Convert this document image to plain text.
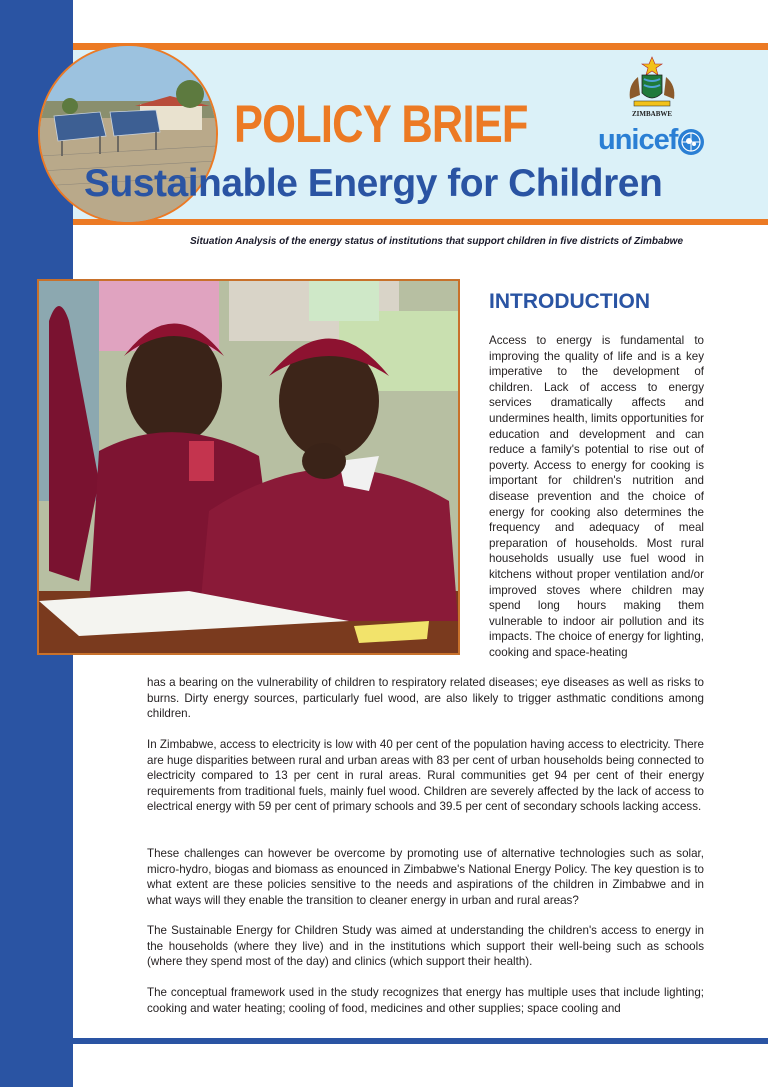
POLICY BRIEF
Sustainable Energy for Children
ZIMBABWE
unicef

Situation Analysis of the energy status of institutions that support children in five districts of Zimbabwe

INTRODUCTION

Access to energy is fundamental to improving the quality of life and is a key imperative to the development of children. Lack of access to energy services dramatically affects and undermines health, limits opportunities for education and development and can reduce a family's potential to rise out of poverty. Access to energy for cooking is important for children's nutrition and disease prevention and the choice of energy for cooking also determines the frequency and adequacy of meal preparation of households. Most rural households usually use fuel wood in kitchens without proper ventilation and/or improved stoves where children may spend long hours making them vulnerable to indoor air pollution and its impacts. The choice of energy for lighting, cooking and space-heating

has a bearing on the vulnerability of children to respiratory related diseases; eye diseases as well as risks to burns. Dirty energy sources, particularly fuel wood, are also likely to trigger asthmatic conditions among children.

In Zimbabwe, access to electricity is low with 40 per cent of the population having access to electricity. There are huge disparities between rural and urban areas with 83 per cent of urban households being connected to electricity compared to 13 per cent in rural areas. Rural communities get 94 per cent of their energy requirements from traditional fuels, mainly fuel wood. Children are severely affected by the lack of access to electrical energy with 59 per cent of primary schools and 39.5 per cent of secondary schools lacking access.

These challenges can however be overcome by promoting use of alternative technologies such as solar, micro-hydro, biogas and biomass as enounced in Zimbabwe's National Energy Policy. The key question is to what extent are these policies sensitive to the needs and aspirations of the children in Zimbabwe and in what ways will they enable the transition to cleaner energy in urban and rural areas?

The Sustainable Energy for Children Study was aimed at understanding the children's access to energy in the households (where they live) and in the institutions which support their well-being such as schools (where they spend most of the day) and clinics (which support their health).

The conceptual framework used in the study recognizes that energy has multiple uses that include lighting; cooking and water heating; cooling of food, medicines and other supplies; space cooling and
